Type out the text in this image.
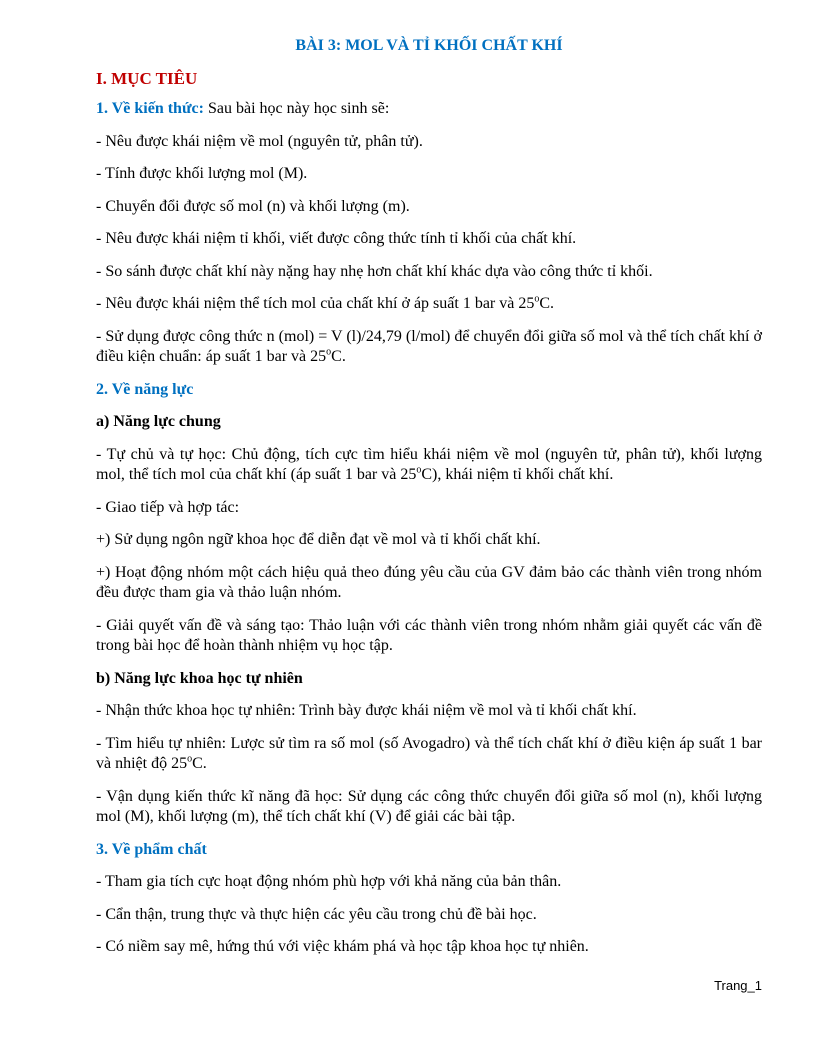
BÀI 3: MOL VÀ TỈ KHỐI CHẤT KHÍ
I. MỤC TIÊU

1. Về kiến thức: Sau bài học này học sinh sẽ:

- Nêu được khái niệm về mol (nguyên tử, phân tử).

- Tính được khối lượng mol (M).

- Chuyển đổi được số mol (n) và khối lượng (m).

- Nêu được khái niệm tỉ khối, viết được công thức tính tỉ khối của chất khí.

- So sánh được chất khí này nặng hay nhẹ hơn chất khí khác dựa vào công thức tỉ khối.

- Nêu được khái niệm thể tích mol của chất khí ở áp suất 1 bar và 25$^o$C.

- Sử dụng được công thức n (mol) = V (l)/24,79 (l/mol) để chuyển đổi giữa số mol và thể tích chất khí ở điều kiện chuẩn: áp suất 1 bar và 25$^o$C.

2. Về năng lực

a) Năng lực chung

- Tự chủ và tự học: Chủ động, tích cực tìm hiểu khái niệm về mol (nguyên tử, phân tử), khối lượng mol, thể tích mol của chất khí (áp suất 1 bar và 25$^o$C), khái niệm tỉ khối chất khí.

- Giao tiếp và hợp tác:

+) Sử dụng ngôn ngữ khoa học để diễn đạt về mol và tỉ khối chất khí.

+) Hoạt động nhóm một cách hiệu quả theo đúng yêu cầu của GV đảm bảo các thành viên trong nhóm đều được tham gia và thảo luận nhóm.

- Giải quyết vấn đề và sáng tạo: Thảo luận với các thành viên trong nhóm nhằm giải quyết các vấn đề trong bài học để hoàn thành nhiệm vụ học tập.

b) Năng lực khoa học tự nhiên

- Nhận thức khoa học tự nhiên: Trình bày được khái niệm về mol và tỉ khối chất khí.

- Tìm hiểu tự nhiên: Lược sử tìm ra số mol (số Avogadro) và thể tích chất khí ở điều kiện áp suất 1 bar và nhiệt độ 25$^o$C.

- Vận dụng kiến thức kĩ năng đã học: Sử dụng các công thức chuyển đổi giữa số mol (n), khối lượng mol (M), khối lượng (m), thể tích chất khí (V) để giải các bài tập.

3. Về phẩm chất

- Tham gia tích cực hoạt động nhóm phù hợp với khả năng của bản thân.

- Cẩn thận, trung thực và thực hiện các yêu cầu trong chủ đề bài học.

- Có niềm say mê, hứng thú với việc khám phá và học tập khoa học tự nhiên.

Trang_1
